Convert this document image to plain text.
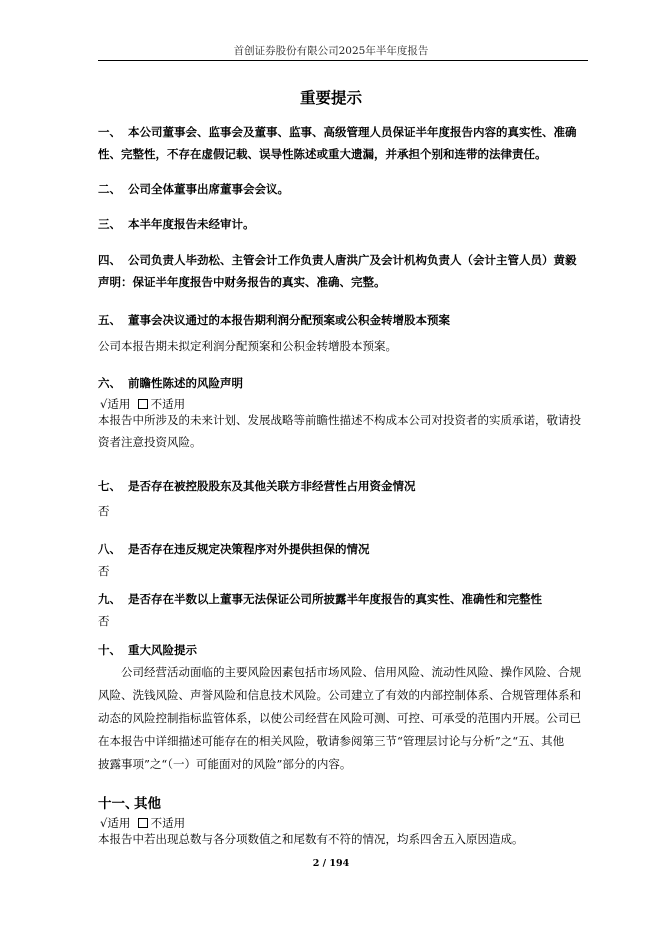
首创证券股份有限公司2025年半年度报告
重要提示
一、 本公司董事会、监事会及董事、监事、高级管理人员保证半年度报告内容的真实性、准确
性、完整性，不存在虚假记载、误导性陈述或重大遗漏，并承担个别和连带的法律责任。
二、 公司全体董事出席董事会会议。
三、 本半年度报告未经审计。
四、 公司负责人毕劲松、主管会计工作负责人唐洪广及会计机构负责人（会计主管人员）黄毅
声明：保证半年度报告中财务报告的真实、准确、完整。
五、 董事会决议通过的本报告期利润分配预案或公积金转增股本预案
公司本报告期未拟定利润分配预案和公积金转增股本预案。
六、 前瞻性陈述的风险声明
√适用 不适用
本报告中所涉及的未来计划、发展战略等前瞻性描述不构成本公司对投资者的实质承诺，敬请投
资者注意投资风险。
七、 是否存在被控股股东及其他关联方非经营性占用资金情况
否
八、 是否存在违反规定决策程序对外提供担保的情况
否
九、 是否存在半数以上董事无法保证公司所披露半年度报告的真实性、准确性和完整性
否
十、 重大风险提示
公司经营活动面临的主要风险因素包括市场风险、信用风险、流动性风险、操作风险、合规
风险、洗钱风险、声誉风险和信息技术风险。公司建立了有效的内部控制体系、合规管理体系和
动态的风险控制指标监管体系，以使公司经营在风险可测、可控、可承受的范围内开展。公司已
在本报告中详细描述可能存在的相关风险，敬请参阅第三节“管理层讨论与分析”之“五、其他
披露事项”之“（一）可能面对的风险”部分的内容。
十一、其他
√适用 不适用
本报告中若出现总数与各分项数值之和尾数有不符的情况，均系四舍五入原因造成。
2 / 194
